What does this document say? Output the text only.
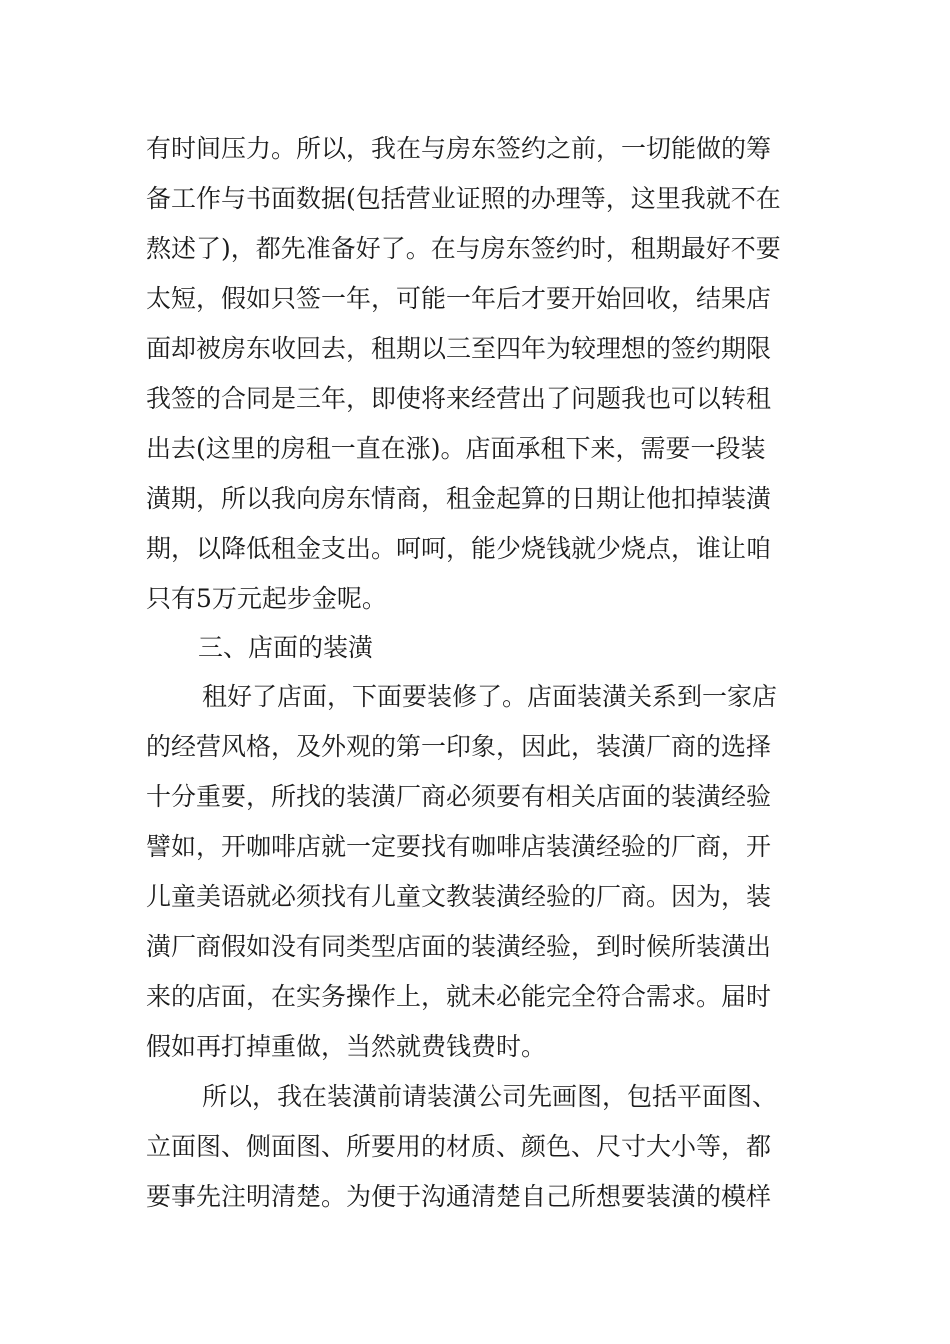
有时间压力。所以，我在与房东签约之前，一切能做的筹
备工作与书面数据(包括营业证照的办理等，这里我就不在
熬述了)，都先准备好了。在与房东签约时，租期最好不要
太短，假如只签一年，可能一年后才要开始回收，结果店
面却被房东收回去，租期以三至四年为较理想的签约期限
我签的合同是三年，即使将来经营出了问题我也可以转租
出去(这里的房租一直在涨)。店面承租下来，需要一段装
潢期，所以我向房东情商，租金起算的日期让他扣掉装潢
期，以降低租金支出。呵呵，能少烧钱就少烧点，谁让咱
只有5万元起步金呢。
三、店面的装潢
租好了店面，下面要装修了。店面装潢关系到一家店
的经营风格，及外观的第一印象，因此，装潢厂商的选择
十分重要，所找的装潢厂商必须要有相关店面的装潢经验
譬如，开咖啡店就一定要找有咖啡店装潢经验的厂商，开
儿童美语就必须找有儿童文教装潢经验的厂商。因为，装
潢厂商假如没有同类型店面的装潢经验，到时候所装潢出
来的店面，在实务操作上，就未必能完全符合需求。届时
假如再打掉重做，当然就费钱费时。
所以，我在装潢前请装潢公司先画图，包括平面图、
立面图、侧面图、所要用的材质、颜色、尺寸大小等，都
要事先注明清楚。为便于沟通清楚自己所想要装潢的模样
